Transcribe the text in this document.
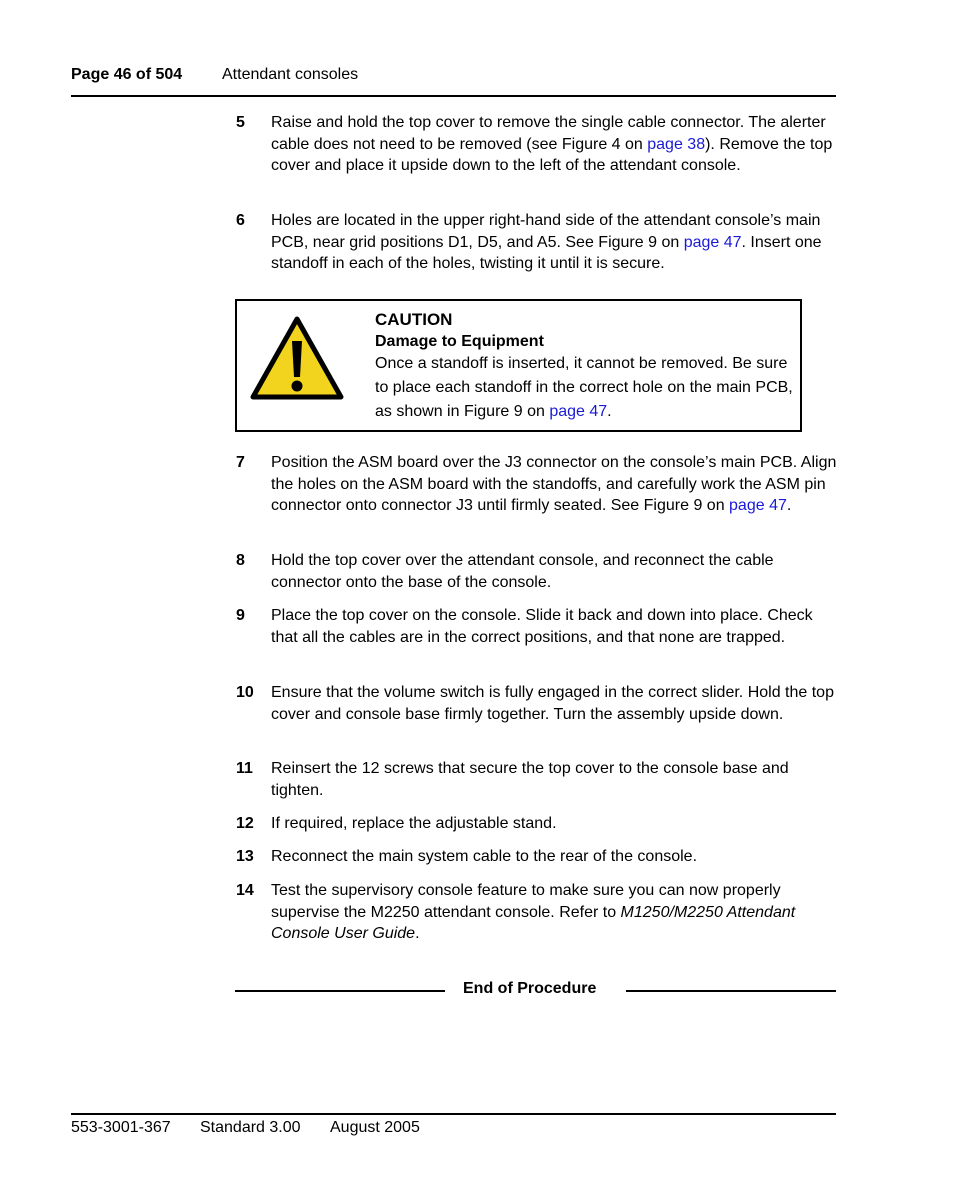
Page 46 of 504 Attendant consoles
5 Raise and hold the top cover to remove the single cable connector. The alerter cable does not need to be removed (see Figure 4 on page 38). Remove the top cover and place it upside down to the left of the attendant console.
6 Holes are located in the upper right-hand side of the attendant console’s main PCB, near grid positions D1, D5, and A5. See Figure 9 on page 47. Insert one standoff in each of the holes, twisting it until it is secure.
CAUTION
Damage to Equipment
Once a standoff is inserted, it cannot be removed. Be sure to place each standoff in the correct hole on the main PCB, as shown in Figure 9 on page 47.
7 Position the ASM board over the J3 connector on the console’s main PCB. Align the holes on the ASM board with the standoffs, and carefully work the ASM pin connector onto connector J3 until firmly seated. See Figure 9 on page 47.
8 Hold the top cover over the attendant console, and reconnect the cable connector onto the base of the console.
9 Place the top cover on the console. Slide it back and down into place. Check that all the cables are in the correct positions, and that none are trapped.
10 Ensure that the volume switch is fully engaged in the correct slider. Hold the top cover and console base firmly together. Turn the assembly upside down.
11 Reinsert the 12 screws that secure the top cover to the console base and tighten.
12 If required, replace the adjustable stand.
13 Reconnect the main system cable to the rear of the console.
14 Test the supervisory console feature to make sure you can now properly supervise the M2250 attendant console. Refer to M1250/M2250 Attendant Console User Guide.
End of Procedure
553-3001-367 Standard 3.00 August 2005
